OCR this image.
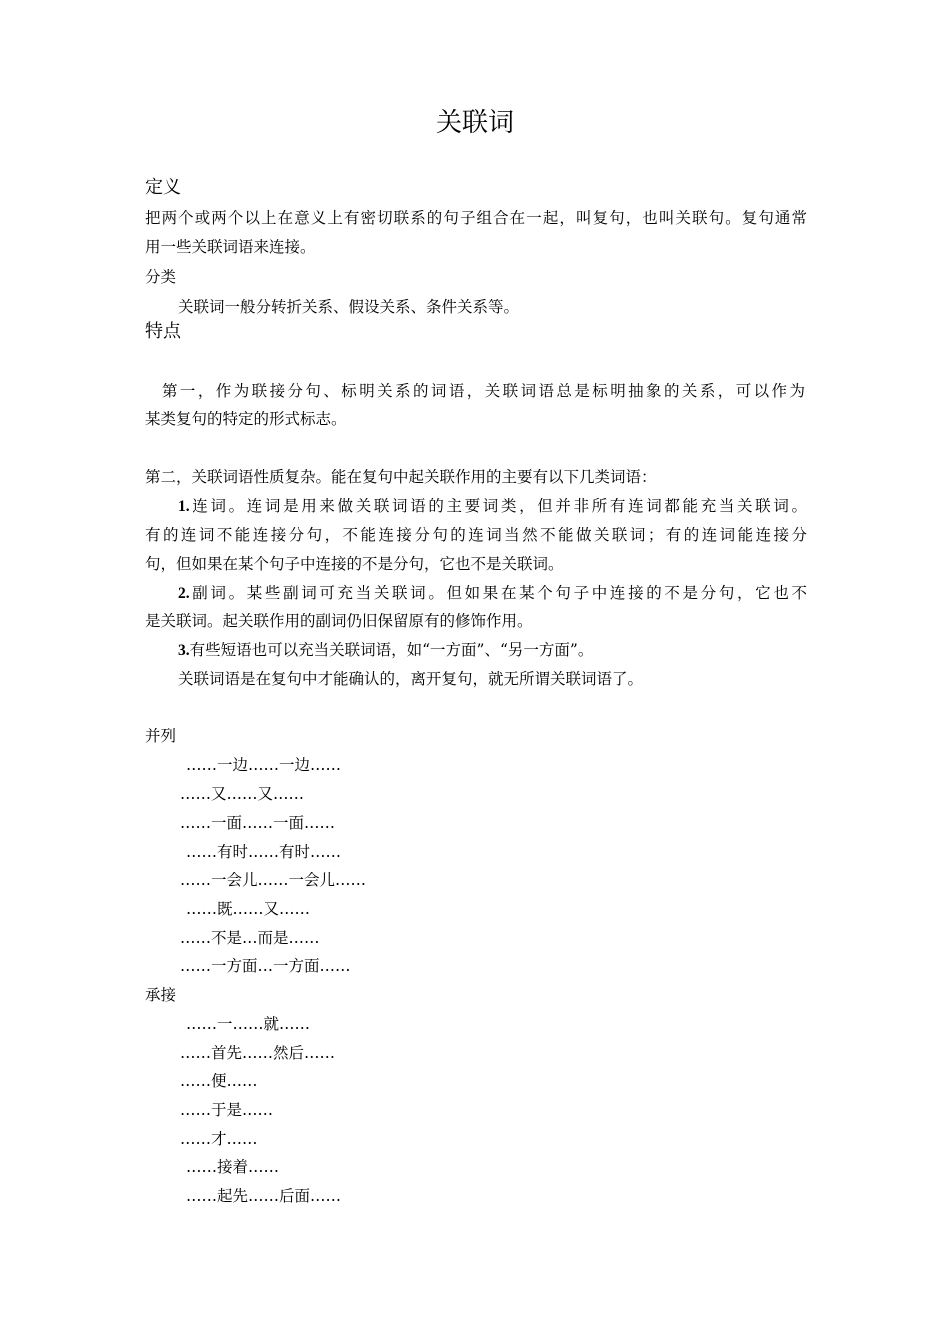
关联词
定义
把两个或两个以上在意义上有密切联系的句子组合在一起，叫复句，也叫关联句。复句通常
用一些关联词语来连接。
分类
关联词一般分转折关系、假设关系、条件关系等。
特点
第一，作为联接分句、标明关系的词语，关联词语总是标明抽象的关系，可以作为
某类复句的特定的形式标志。
第二，关联词语性质复杂。能在复句中起关联作用的主要有以下几类词语：
1.连词。连词是用来做关联词语的主要词类，但并非所有连词都能充当关联词。
有的连词不能连接分句，不能连接分句的连词当然不能做关联词；有的连词能连接分
句，但如果在某个句子中连接的不是分句，它也不是关联词。
2.副词。某些副词可充当关联词。但如果在某个句子中连接的不是分句，它也不
是关联词。起关联作用的副词仍旧保留原有的修饰作用。
3.有些短语也可以充当关联词语，如“一方面”、“另一方面”。
关联词语是在复句中才能确认的，离开复句，就无所谓关联词语了。
并列
……一边……一边……
……又……又……
……一面……一面……
……有时……有时……
……一会儿……一会儿……
……既……又……
……不是…而是……
……一方面…一方面……
承接
……一……就……
……首先……然后……
……便……
……于是……
……才……
……接着……
……起先……后面……
